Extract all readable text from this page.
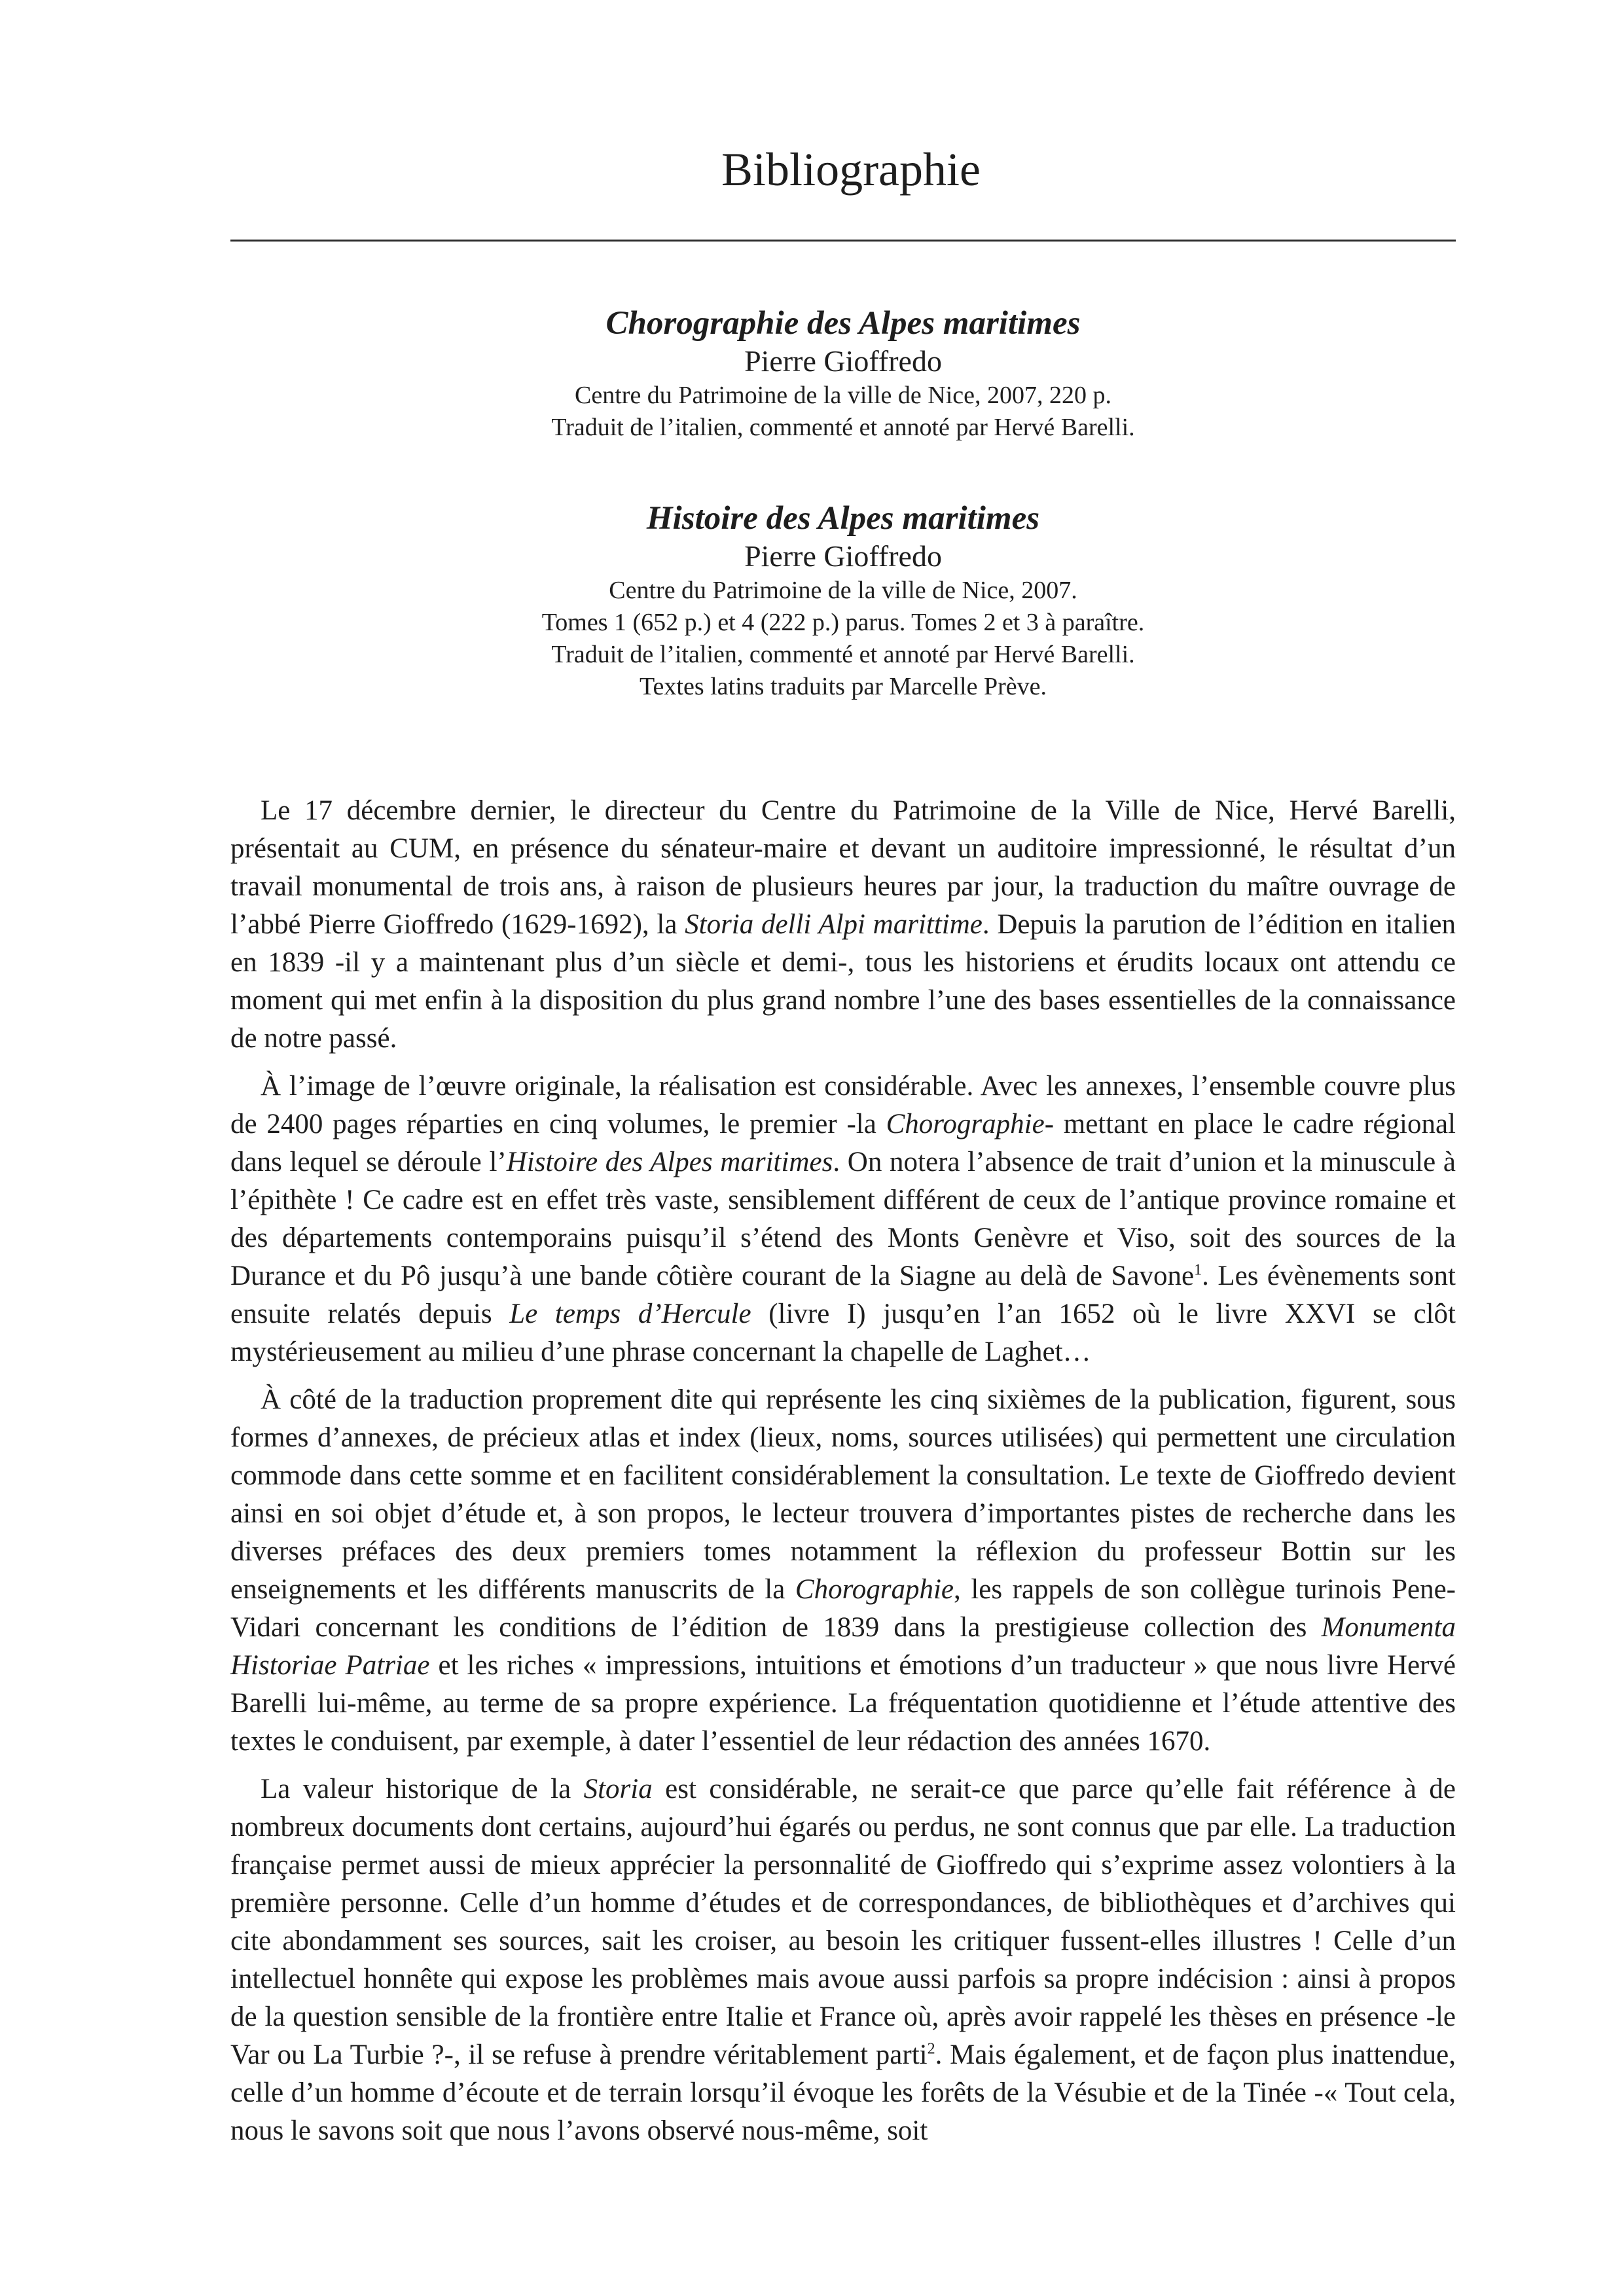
Bibliographie
Chorographie des Alpes maritimes
Pierre Gioffredo
Centre du Patrimoine de la ville de Nice, 2007, 220 p.
Traduit de l’italien, commenté et annoté par Hervé Barelli.
Histoire des Alpes maritimes
Pierre Gioffredo
Centre du Patrimoine de la ville de Nice, 2007.
Tomes 1 (652 p.) et 4 (222 p.) parus. Tomes 2 et 3 à paraître.
Traduit de l’italien, commenté et annoté par Hervé Barelli.
Textes latins traduits par Marcelle Prève.

Le 17 décembre dernier, le directeur du Centre du Patrimoine de la Ville de Nice, Hervé Barelli, présentait au CUM, en présence du sénateur-maire et devant un auditoire impressionné, le résultat d’un travail monumental de trois ans, à raison de plusieurs heures par jour, la traduction du maître ouvrage de l’abbé Pierre Gioffredo (1629-1692), la Storia delli Alpi marittime. Depuis la parution de l’édition en italien en 1839 -il y a maintenant plus d’un siècle et demi-, tous les historiens et érudits locaux ont attendu ce moment qui met enfin à la disposition du plus grand nombre l’une des bases essentielles de la connaissance de notre passé.

À l’image de l’œuvre originale, la réalisation est considérable. Avec les annexes, l’ensemble couvre plus de 2400 pages réparties en cinq volumes, le premier -la Chorographie- mettant en place le cadre régional dans lequel se déroule l’Histoire des Alpes maritimes. On notera l’absence de trait d’union et la minuscule à l’épithète ! Ce cadre est en effet très vaste, sensiblement différent de ceux de l’antique province romaine et des départements contemporains puisqu’il s’étend des Monts Genèvre et Viso, soit des sources de la Durance et du Pô jusqu’à une bande côtière courant de la Siagne au delà de Savone$^1$. Les évènements sont ensuite relatés depuis Le temps d’Hercule (livre I) jusqu’en l’an 1652 où le livre XXVI se clôt mystérieusement au milieu d’une phrase concernant la chapelle de Laghet…

À côté de la traduction proprement dite qui représente les cinq sixièmes de la publication, figurent, sous formes d’annexes, de précieux atlas et index (lieux, noms, sources utilisées) qui permettent une circulation commode dans cette somme et en facilitent considérablement la consultation. Le texte de Gioffredo devient ainsi en soi objet d’étude et, à son propos, le lecteur trouvera d’importantes pistes de recherche dans les diverses préfaces des deux premiers tomes notamment la réflexion du professeur Bottin sur les enseignements et les différents manuscrits de la Chorographie, les rappels de son collègue turinois Pene-Vidari concernant les conditions de l’édition de 1839 dans la prestigieuse collection des Monumenta Historiae Patriae et les riches « impressions, intuitions et émotions d’un traducteur » que nous livre Hervé Barelli lui-même, au terme de sa propre expérience. La fréquentation quotidienne et l’étude attentive des textes le conduisent, par exemple, à dater l’essentiel de leur rédaction des années 1670.

La valeur historique de la Storia est considérable, ne serait-ce que parce qu’elle fait référence à de nombreux documents dont certains, aujourd’hui égarés ou perdus, ne sont connus que par elle. La traduction française permet aussi de mieux apprécier la personnalité de Gioffredo qui s’exprime assez volontiers à la première personne. Celle d’un homme d’études et de correspondances, de bibliothèques et d’archives qui cite abondamment ses sources, sait les croiser, au besoin les critiquer fussent-elles illustres ! Celle d’un intellectuel honnête qui expose les problèmes mais avoue aussi parfois sa propre indécision : ainsi à propos de la question sensible de la frontière entre Italie et France où, après avoir rappelé les thèses en présence -le Var ou La Turbie ?-, il se refuse à prendre véritablement parti$^2$. Mais également, et de façon plus inattendue, celle d’un homme d’écoute et de terrain lorsqu’il évoque les forêts de la Vésubie et de la Tinée -« Tout cela, nous le savons soit que nous l’avons observé nous-même, soit
